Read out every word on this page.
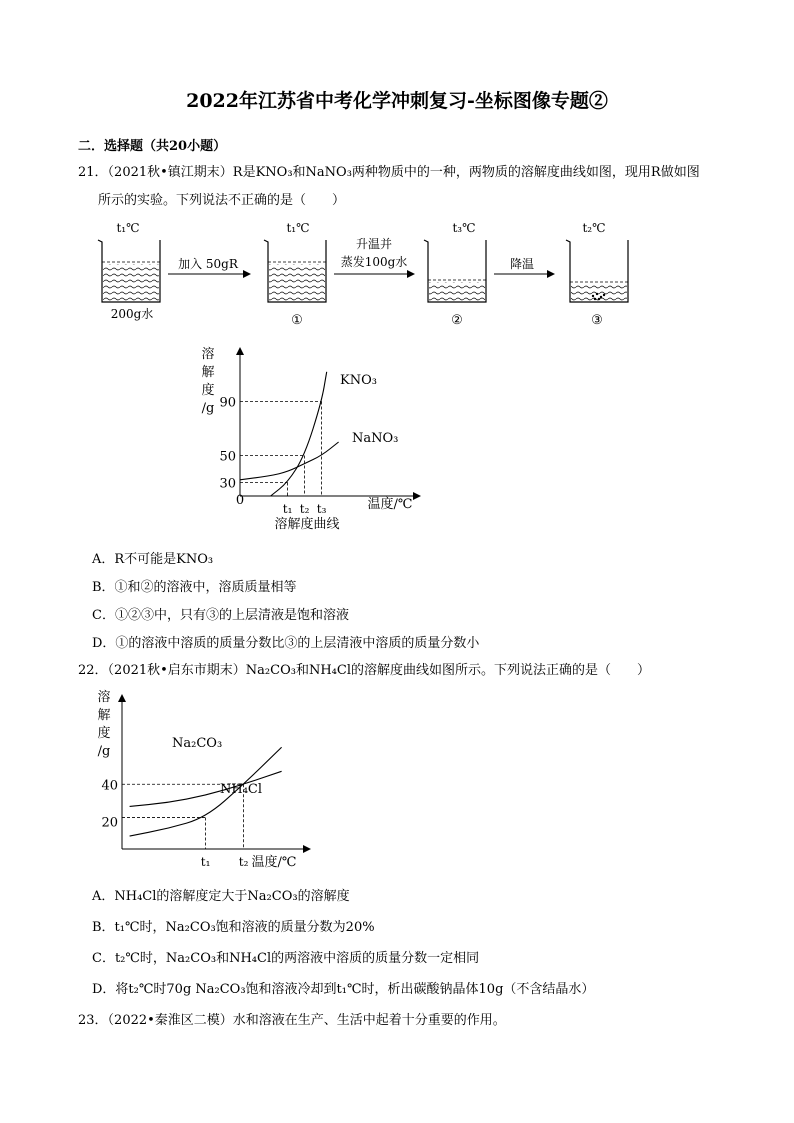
2022年江苏省中考化学冲刺复习-坐标图像专题②
二．选择题（共20小题）
21．（2021秋•镇江期末）R是KNO₃和NaNO₃两种物质中的一种，两物质的溶解度曲线如图，现用R做如图
所示的实验。下列说法不正确的是（　　）
t₁℃
200g水
加入 50gR
t₁℃
①
升温并
蒸发100g水
t₃℃
②
降温
t₂℃
③
溶
解
度
/g
0
30
50
90
t₁ t₂ t₃
KNO₃
NaNO₃
温度/℃
溶解度曲线
A．R不可能是KNO₃
B．①和②的溶液中，溶质质量相等
C．①②③中，只有③的上层清液是饱和溶液
D．①的溶液中溶质的质量分数比③的上层清液中溶质的质量分数小
22．（2021秋•启东市期末）Na₂CO₃和NH₄Cl的溶解度曲线如图所示。下列说法正确的是（　　）
溶
解
度
/g
20
40
t₁ t₂
Na₂CO₃
NH₄Cl
温度/℃
A．NH₄Cl的溶解度定大于Na₂CO₃的溶解度
B．t₁℃时，Na₂CO₃饱和溶液的质量分数为20%
C．t₂℃时，Na₂CO₃和NH₄Cl的两溶液中溶质的质量分数一定相同
D．将t₂℃时70g Na₂CO₃饱和溶液冷却到t₁℃时，析出碳酸钠晶体10g（不含结晶水）
23．（2022•秦淮区二模）水和溶液在生产、生活中起着十分重要的作用。
